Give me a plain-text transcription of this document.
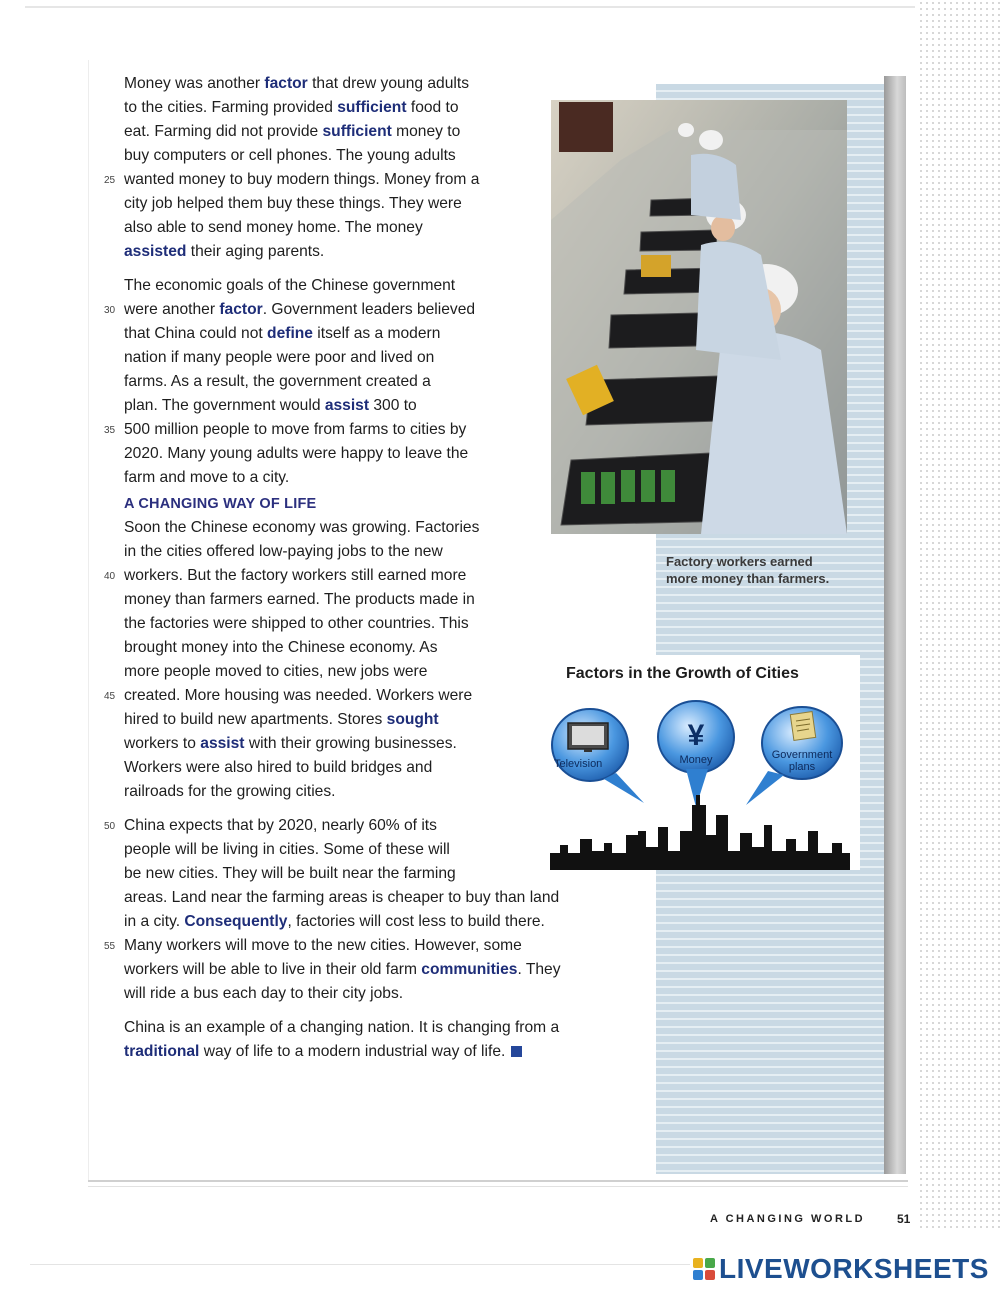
Money was another factor that drew young adults
to the cities. Farming provided sufficient food to
eat. Farming did not provide sufficient money to
buy computers or cell phones. The young adults
25 wanted money to buy modern things. Money from a
city job helped them buy these things. They were
also able to send money home. The money
assisted their aging parents.
The economic goals of the Chinese government
30 were another factor. Government leaders believed
that China could not define itself as a modern
nation if many people were poor and lived on
farms. As a result, the government created a
plan. The government would assist 300 to
35 500 million people to move from farms to cities by
2020. Many young adults were happy to leave the
farm and move to a city.
A CHANGING WAY OF LIFE
Soon the Chinese economy was growing. Factories
in the cities offered low-paying jobs to the new
40 workers. But the factory workers still earned more
money than farmers earned. The products made in
the factories were shipped to other countries. This
brought money into the Chinese economy. As
more people moved to cities, new jobs were
45 created. More housing was needed. Workers were
hired to build new apartments. Stores sought
workers to assist with their growing businesses.
Workers were also hired to build bridges and
railroads for the growing cities.
50 China expects that by 2020, nearly 60% of its
people will be living in cities. Some of these will
be new cities. They will be built near the farming
areas. Land near the farming areas is cheaper to buy than land
in a city. Consequently, factories will cost less to build there.
55 Many workers will move to the new cities. However, some
workers will be able to live in their old farm communities. They
will ride a bus each day to their city jobs.
China is an example of a changing nation. It is changing from a
traditional way of life to a modern industrial way of life.
Factory workers earned
more money than farmers.
Factors in the Growth of Cities
Television
¥
Money	Government
plans
A CHANGING WORLD	51
LIVEWORKSHEETS
